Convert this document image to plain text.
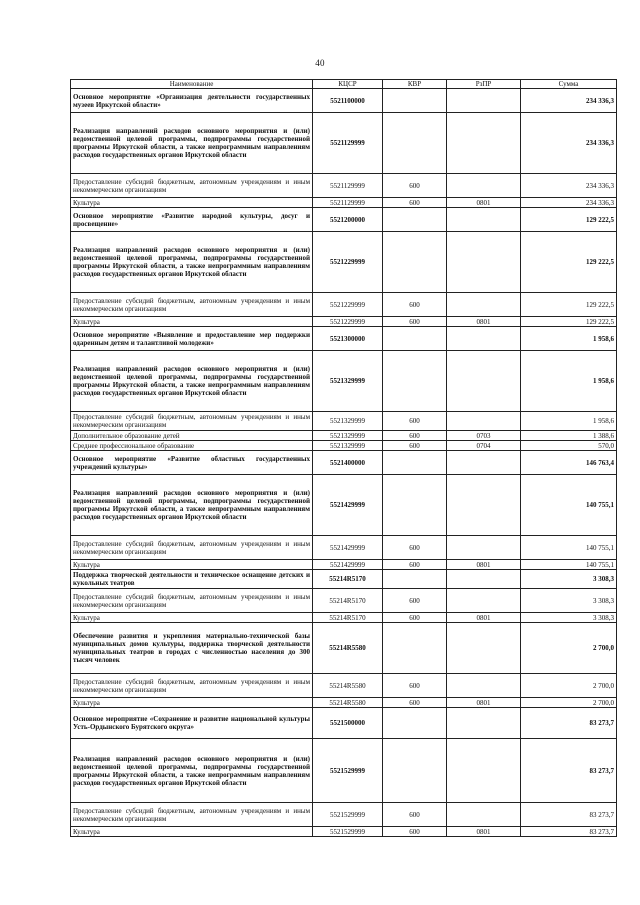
40
Наименование	КЦСР	КВР	РзПР	Сумма
Основное мероприятие «Организация деятельности государственных музеев Иркутской области»	5521100000			234 336,3
Реализация направлений расходов основного мероприятия и (или) ведомственной целевой программы, подпрограммы государственной программы Иркутской области, а также непрограммным направлениям расходов государственных органов Иркутской области	5521129999			234 336,3
Предоставление субсидий бюджетным, автономным учреждениям и иным некоммерческим организациям	5521129999	600		234 336,3
Культура	5521129999	600	0801	234 336,3
Основное мероприятие «Развитие народной культуры, досуг и просвещение»	5521200000			129 222,5
Реализация направлений расходов основного мероприятия и (или) ведомственной целевой программы, подпрограммы государственной программы Иркутской области, а также непрограммным направлениям расходов государственных органов Иркутской области	5521229999			129 222,5
Предоставление субсидий бюджетным, автономным учреждениям и иным некоммерческим организациям	5521229999	600		129 222,5
Культура	5521229999	600	0801	129 222,5
Основное мероприятие «Выявление и предоставление мер поддержки одаренным детям и талантливой молодежи»	5521300000			1 958,6
Реализация направлений расходов основного мероприятия и (или) ведомственной целевой программы, подпрограммы государственной программы Иркутской области, а также непрограммным направлениям расходов государственных органов Иркутской области	5521329999			1 958,6
Предоставление субсидий бюджетным, автономным учреждениям и иным некоммерческим организациям	5521329999	600		1 958,6
Дополнительное образование детей	5521329999	600	0703	1 388,6
Среднее профессиональное образование	5521329999	600	0704	570,0
Основное мероприятие «Развитие областных государственных учреждений культуры»	5521400000			146 763,4
Реализация направлений расходов основного мероприятия и (или) ведомственной целевой программы, подпрограммы государственной программы Иркутской области, а также непрограммным направлениям расходов государственных органов Иркутской области	5521429999			140 755,1
Предоставление субсидий бюджетным, автономным учреждениям и иным некоммерческим организациям	5521429999	600		140 755,1
Культура	5521429999	600	0801	140 755,1
Поддержка творческой деятельности и техническое оснащение детских и кукольных театров	55214R5170			3 308,3
Предоставление субсидий бюджетным, автономным учреждениям и иным некоммерческим организациям	55214R5170	600		3 308,3
Культура	55214R5170	600	0801	3 308,3
Обеспечение развития и укрепления материально-технической базы муниципальных домов культуры, поддержка творческой деятельности муниципальных театров в городах с численностью населения до 300 тысяч человек	55214R5580			2 700,0
Предоставление субсидий бюджетным, автономным учреждениям и иным некоммерческим организациям	55214R5580	600		2 700,0
Культура	55214R5580	600	0801	2 700,0
Основное мероприятие «Сохранение и развитие национальной культуры Усть-Ордынского Бурятского округа»	5521500000			83 273,7
Реализация направлений расходов основного мероприятия и (или) ведомственной целевой программы, подпрограммы государственной программы Иркутской области, а также непрограммным направлениям расходов государственных органов Иркутской области	5521529999			83 273,7
Предоставление субсидий бюджетным, автономным учреждениям и иным некоммерческим организациям	5521529999	600		83 273,7
Культура	5521529999	600	0801	83 273,7
